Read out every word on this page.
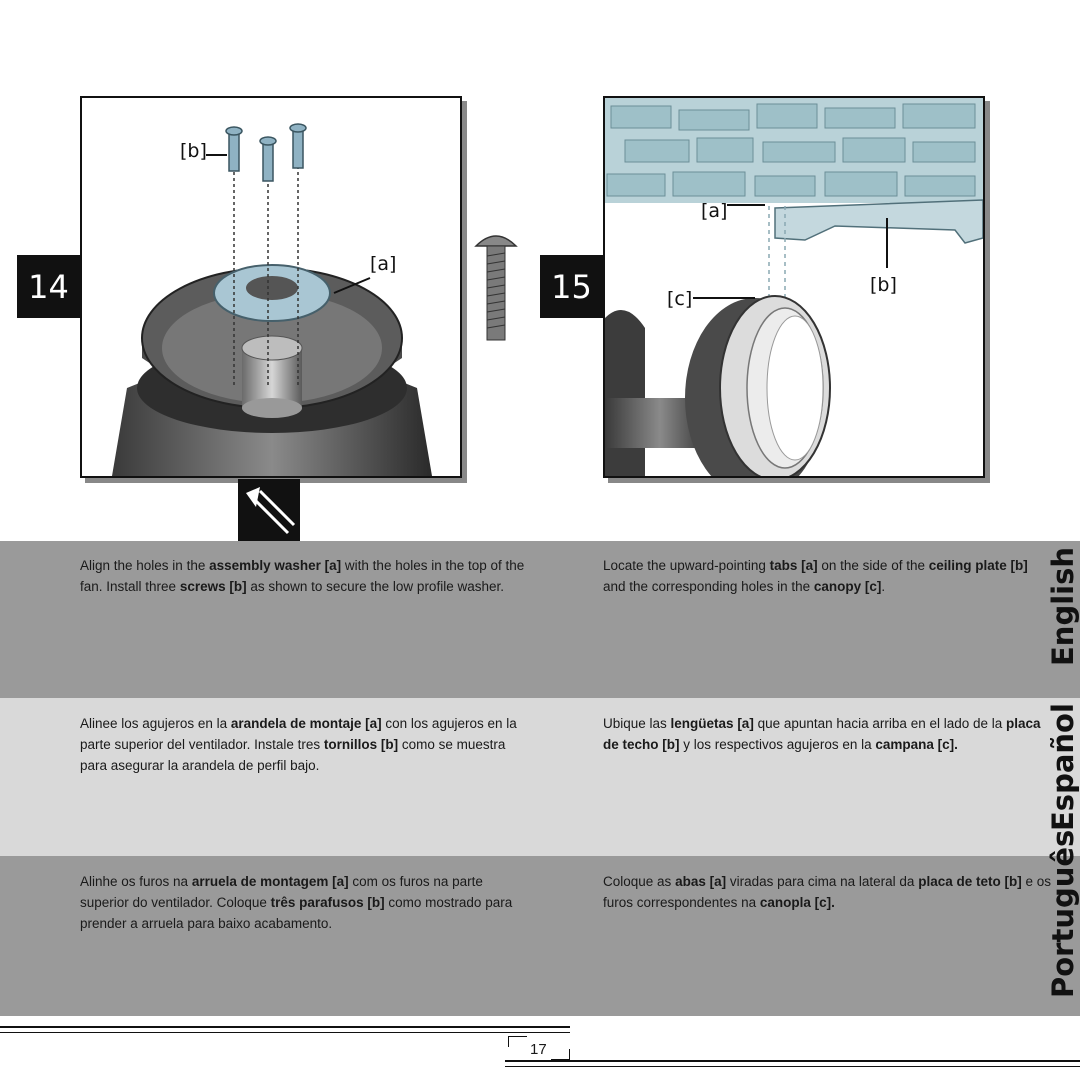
14	15
[b]
[a]
[a]
[b]
[c]
Align the holes in the assembly washer [a] with the holes in the top of the fan. Install three screws [b] as shown to secure the low profile washer.
Locate the upward-pointing tabs [a] on the side of the ceiling plate [b] and the corresponding holes in the canopy [c].
Alinee los agujeros en la arandela de montaje [a] con los agujeros en la parte superior del ventilador. Instale tres tornillos [b] como se muestra para asegurar la arandela de perfil bajo.
Ubique las lengüetas [a] que apuntan hacia arriba en el lado de la placa de techo [b] y los respectivos agujeros en la campana [c].
Alinhe os furos na arruela de montagem [a] com os furos na parte superior do ventilador. Coloque três parafusos [b] como mostrado para prender a arruela para baixo acabamento.
Coloque as abas [a] viradas para cima na lateral da placa de teto [b] e os furos correspondentes na canopla [c].
English
Español
Português
17
